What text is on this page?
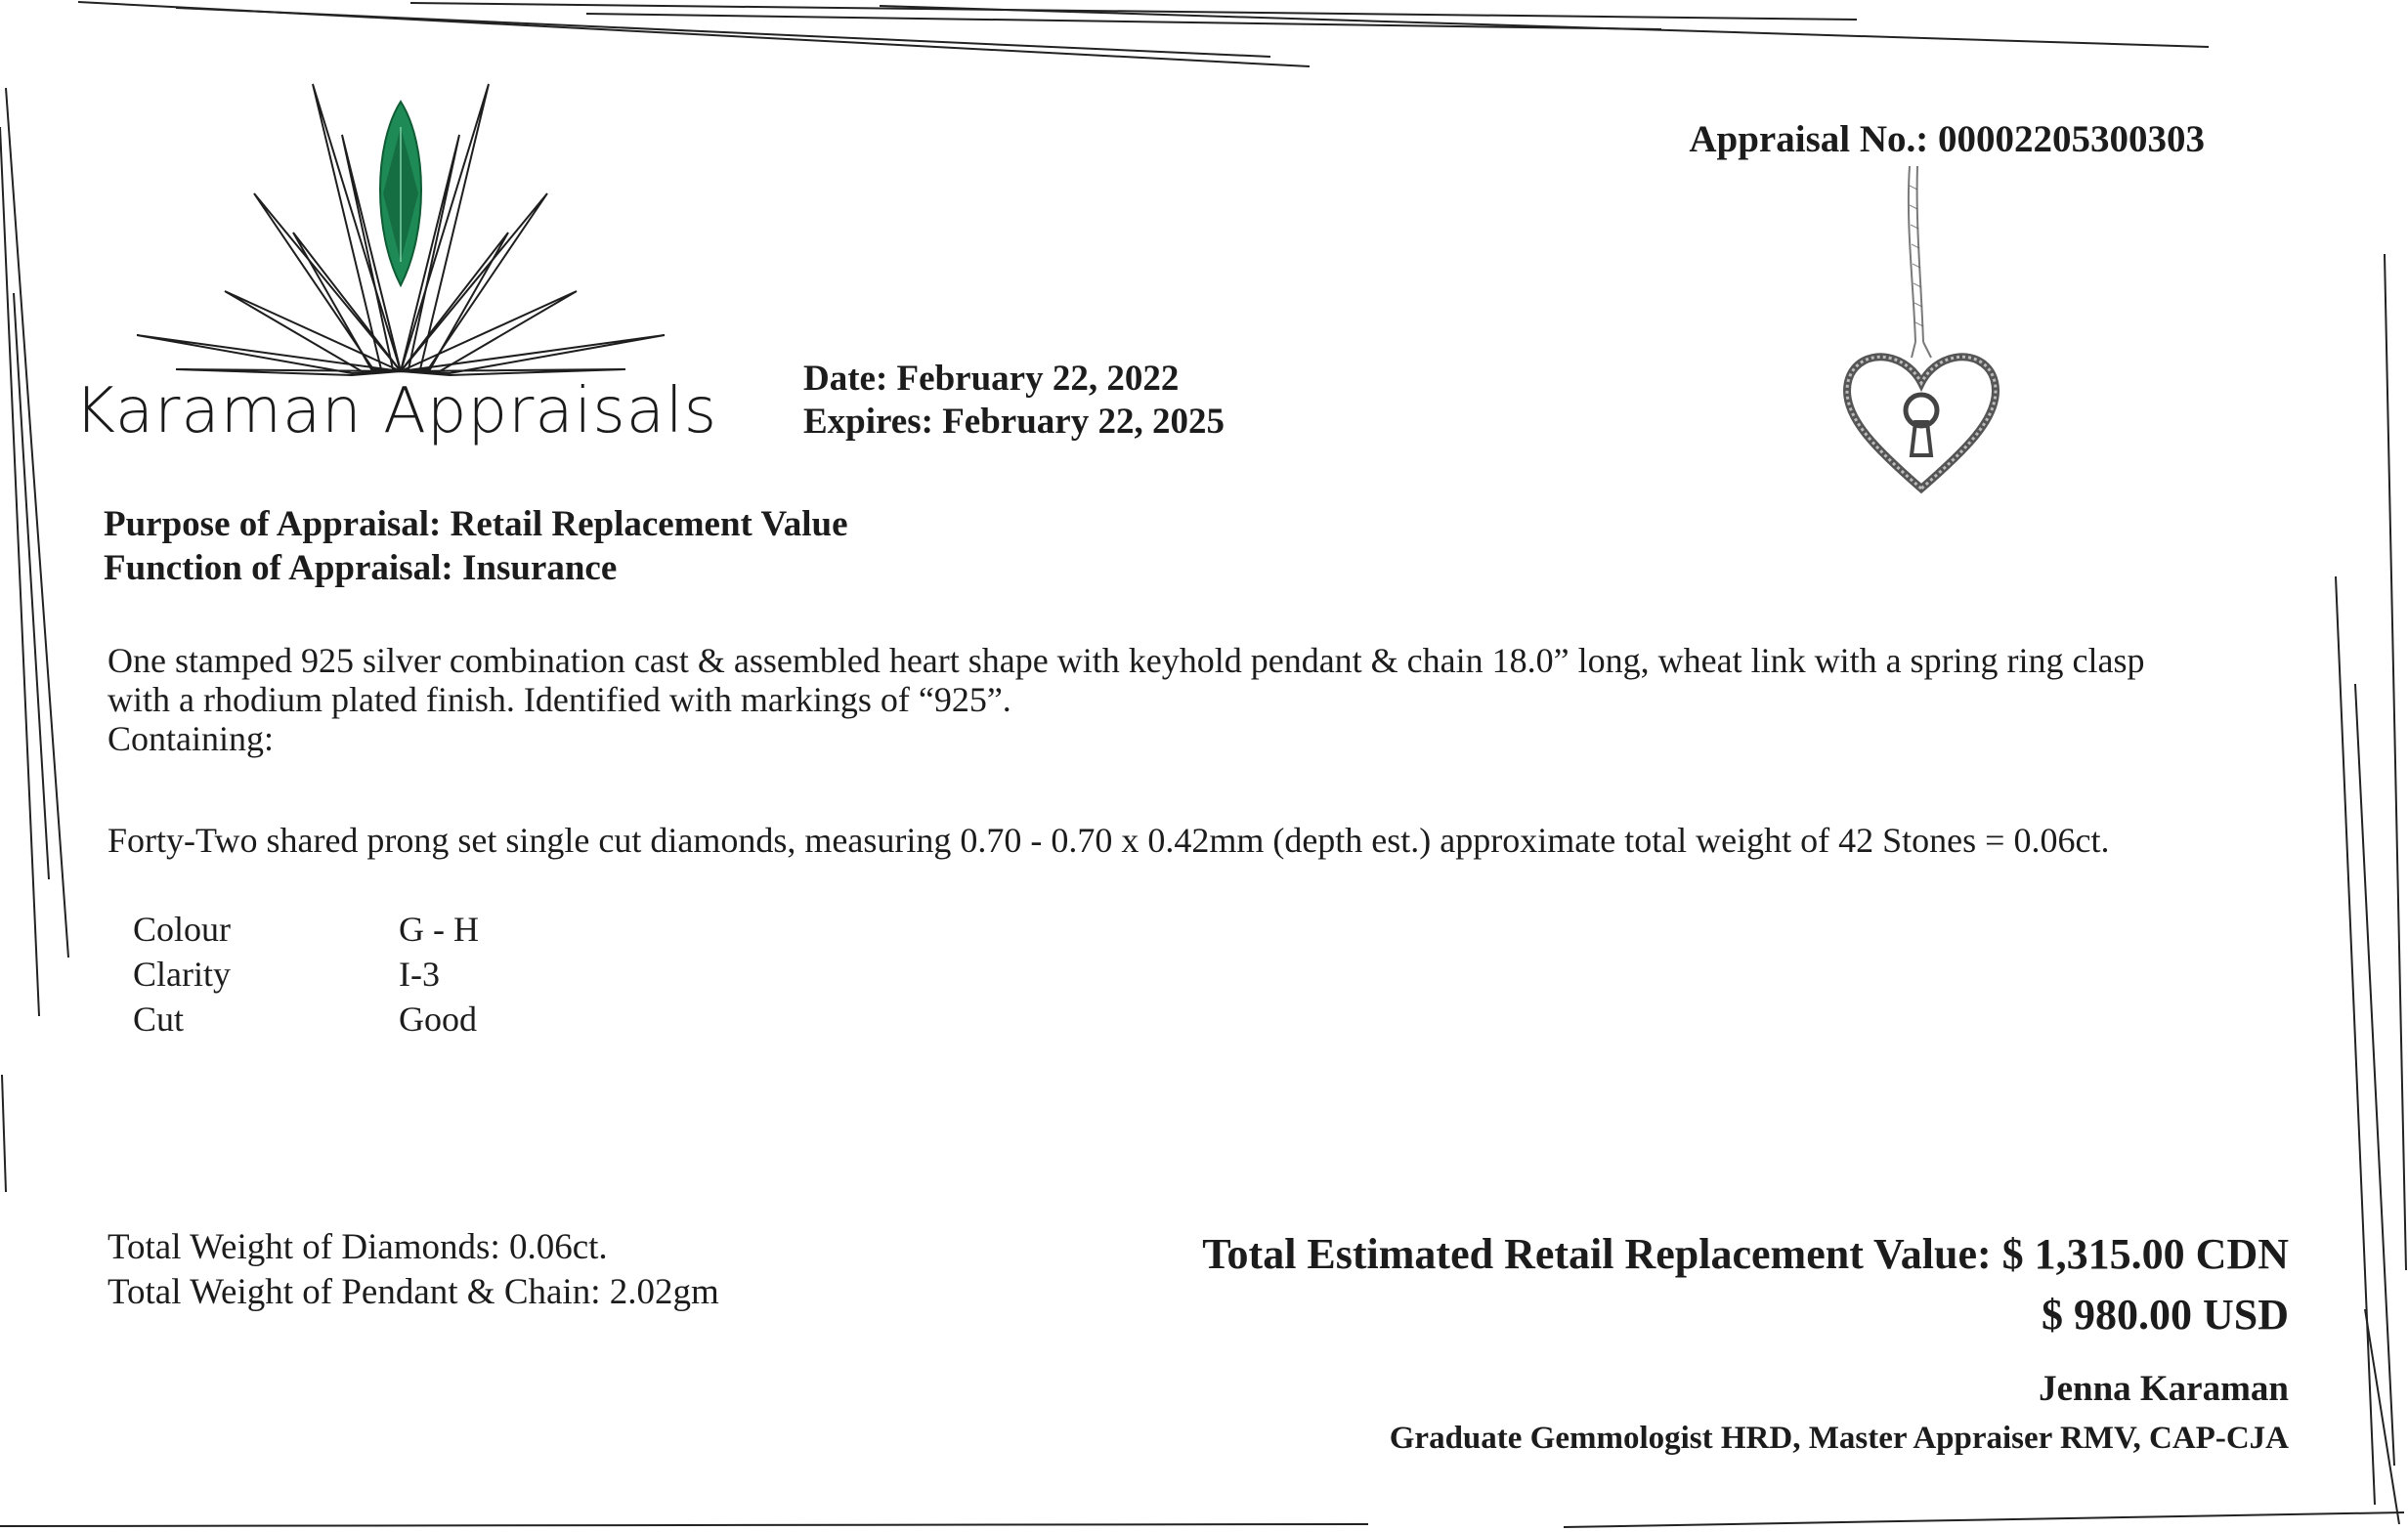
Karaman Appraisals
Appraisal No.: 00002205300303
Date: February 22, 2022
Expires: February 22, 2025
Purpose of Appraisal: Retail Replacement Value
Function of Appraisal: Insurance
One stamped 925 silver combination cast & assembled heart shape with keyhold pendant & chain 18.0” long, wheat link with a spring ring clasp with a rhodium plated finish. Identified with markings of “925”.
Containing:
Forty-Two shared prong set single cut diamonds, measuring 0.70 - 0.70 x 0.42mm (depth est.) approximate total weight of 42 Stones = 0.06ct.
Colour	G - H
Clarity	I-3
Cut	Good
Total Weight of Diamonds: 0.06ct.
Total Weight of Pendant & Chain: 2.02gm
Total Estimated Retail Replacement Value: $ 1,315.00 CDN
$ 980.00 USD
Jenna Karaman
Graduate Gemmologist HRD, Master Appraiser RMV, CAP-CJA
